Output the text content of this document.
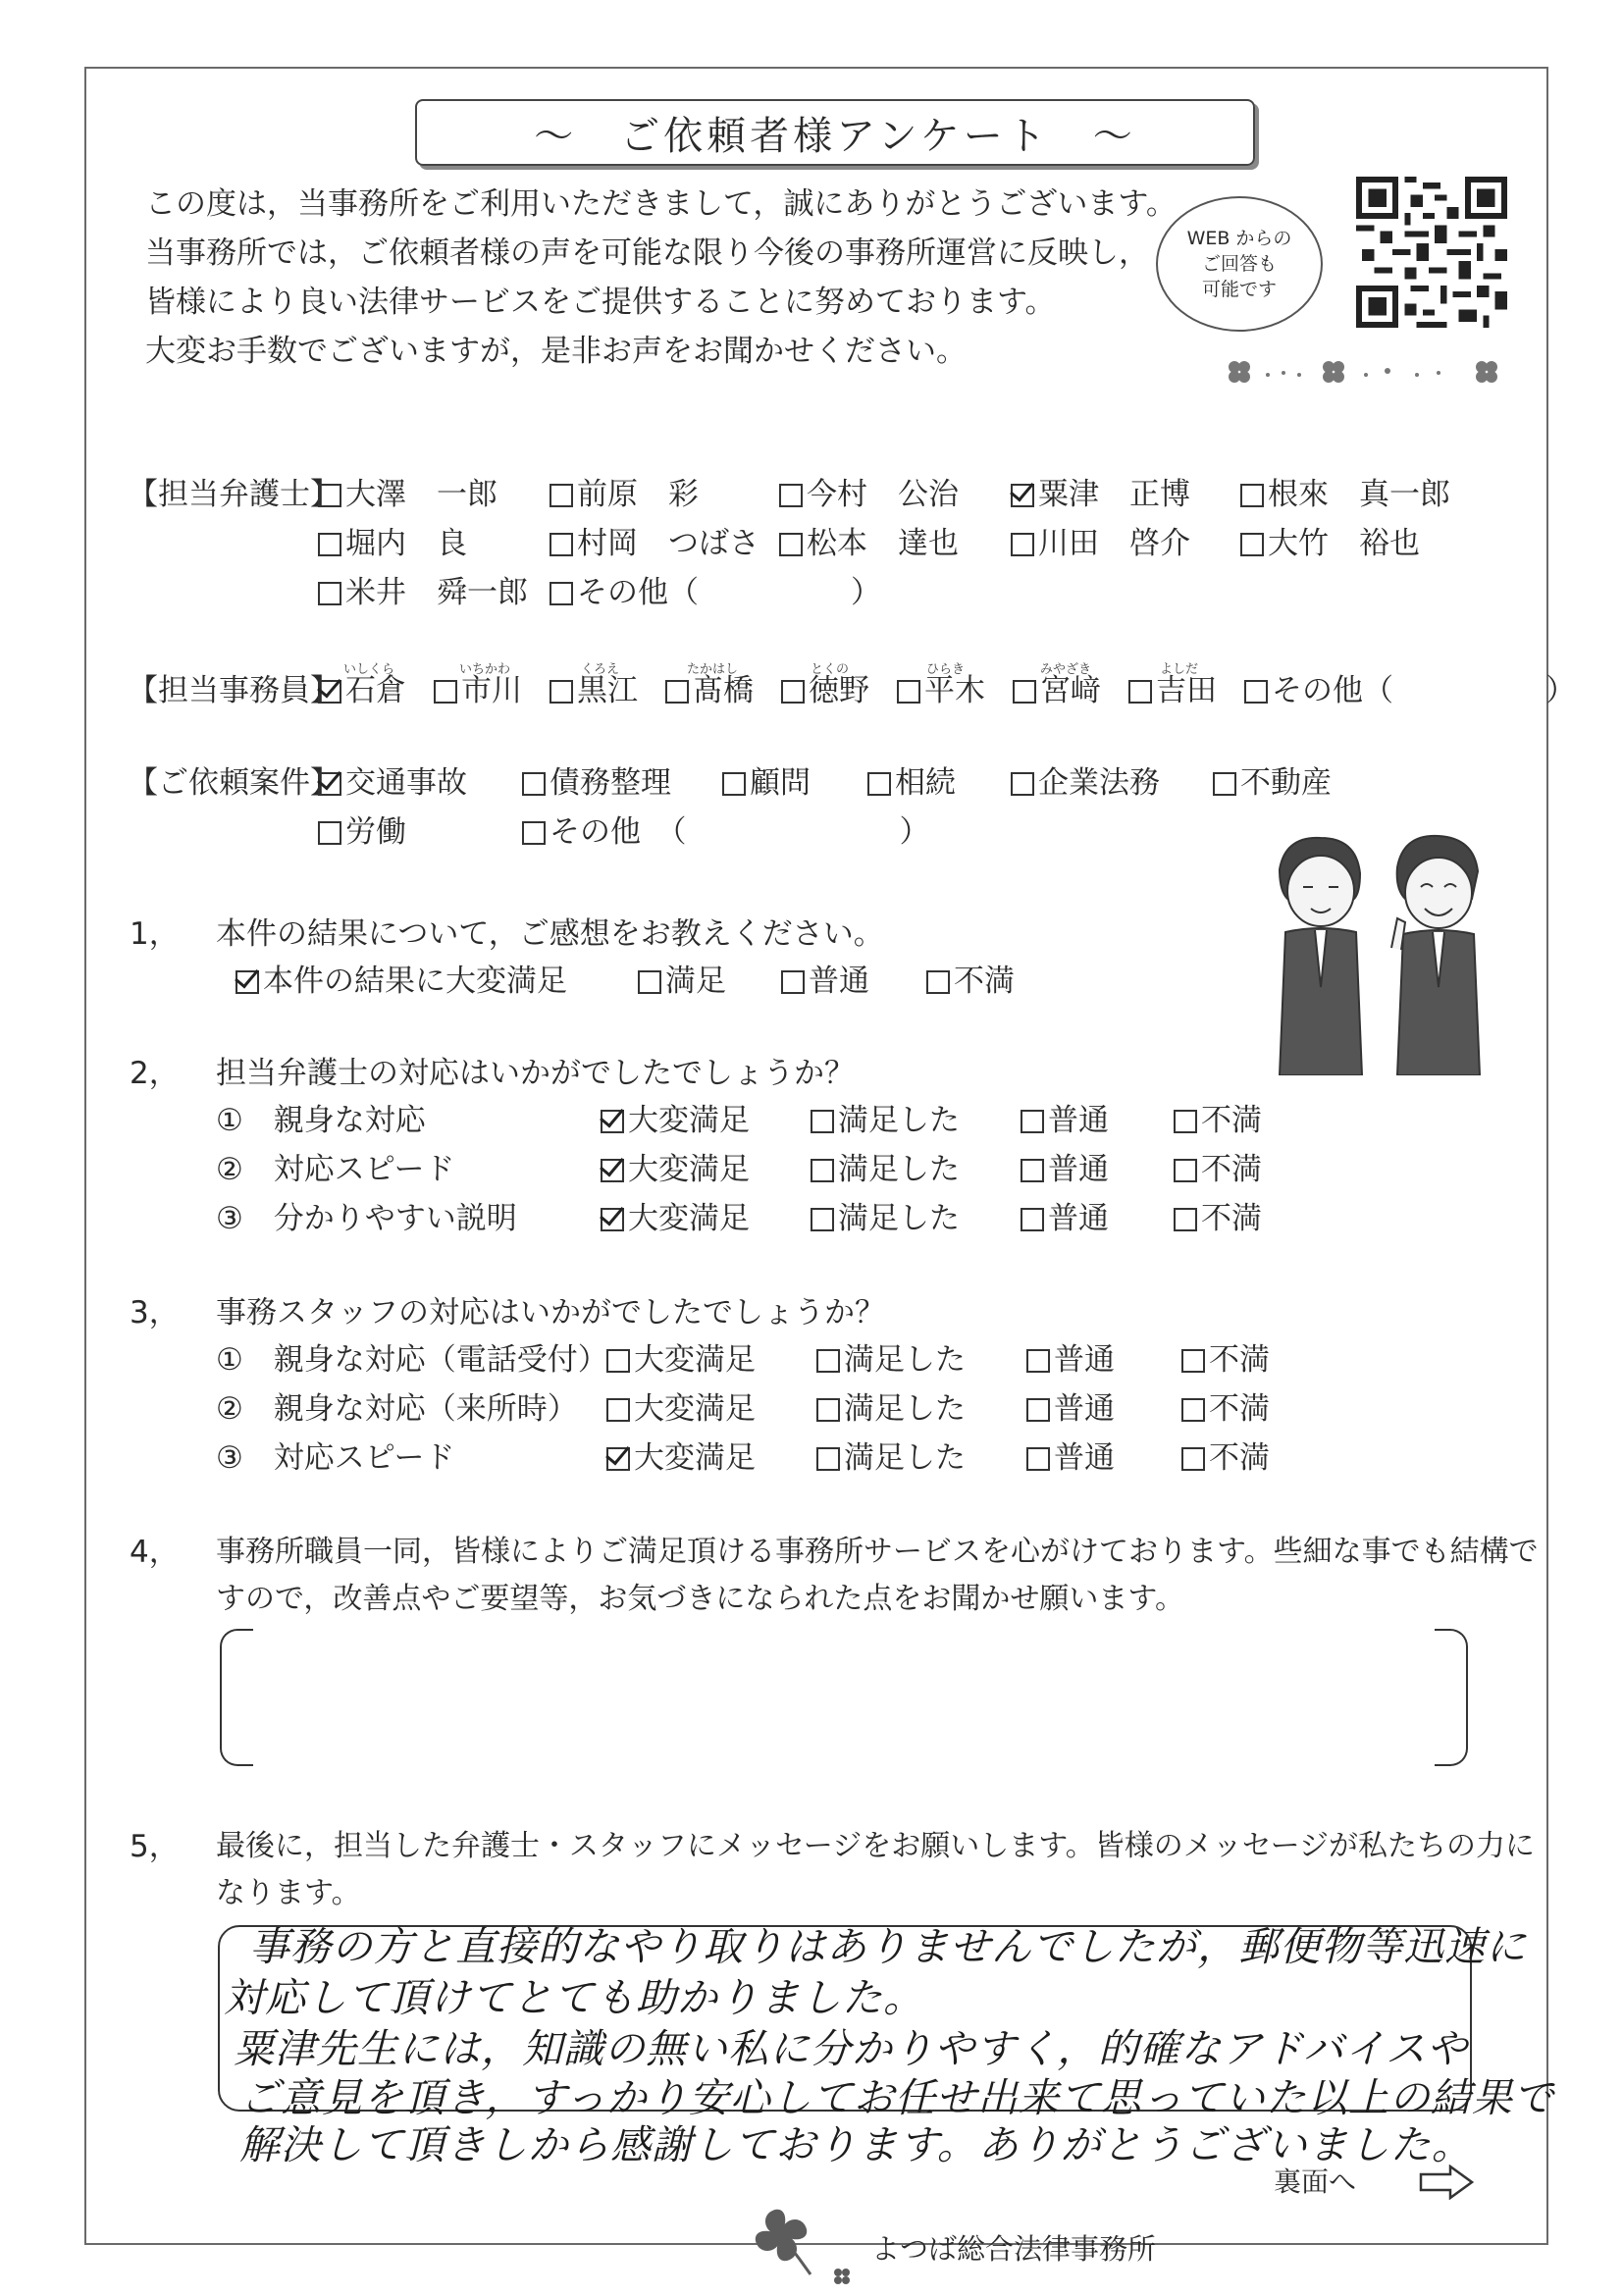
〜　ご依頼者様アンケート　〜

この度は，当事務所をご利用いただきまして，誠にありがとうございます。

当事務所では，ご依頼者様の声を可能な限り今後の事務所運営に反映し，

皆様により良い法律サービスをご提供することに努めております。

大変お手数でございますが，是非お声をお聞かせください。

WEB からの
ご回答も
可能です
【担当弁護士】 大澤　一郎	前原　彩	今村　公治	粟津　正博	根來　真一郎
堀内　良	村岡　つばさ	松本　達也	川田　啓介	大竹　裕也
米井　舜一郎	その他（　　　　　）
【担当事務員】
いしくら	いちかわ	くろえ	たかはし	とくの	ひらき	みやざき	よしだ
石倉	市川	黒江	髙橋	徳野	平木	宮﨑	吉田	その他（　　　　　）
【ご依頼案件】 交通事故	債務整理	顧問	相続	企業法務	不動産
労働	その他　（　　　　　　　）
1， 本件の結果について，ご感想をお教えください。
本件の結果に大変満足	満足	普通	不満
2， 担当弁護士の対応はいかがでしたでしょうか？
①　親身な対応	大変満足	満足した	普通	不満
②　対応スピード	大変満足	満足した	普通	不満
③　分かりやすい説明	大変満足	満足した	普通	不満
3， 事務スタッフの対応はいかがでしたでしょうか？
①　親身な対応（電話受付） 大変満足	満足した	普通	不満
②　親身な対応（来所時）	大変満足	満足した	普通	不満
③　対応スピード	大変満足	満足した	普通	不満
4， 事務所職員一同，皆様によりご満足頂ける事務所サービスを心がけております。些細な事でも結構で
すので，改善点やご要望等，お気づきになられた点をお聞かせ願います。
5， 最後に，担当した弁護士・スタッフにメッセージをお願いします。皆様のメッセージが私たちの力に
なります。
事務の方と直接的なやり取りはありませんでしたが，郵便物等迅速に
対応して頂けてとても助かりました。
粟津先生には，知識の無い私に分かりやすく，的確なアドバイスや
ご意見を頂き，すっかり安心してお任せ出来て思っていた以上の結果で
解決して頂きしから感謝しております。ありがとうございました。
裏面へ
よつば総合法律事務所
